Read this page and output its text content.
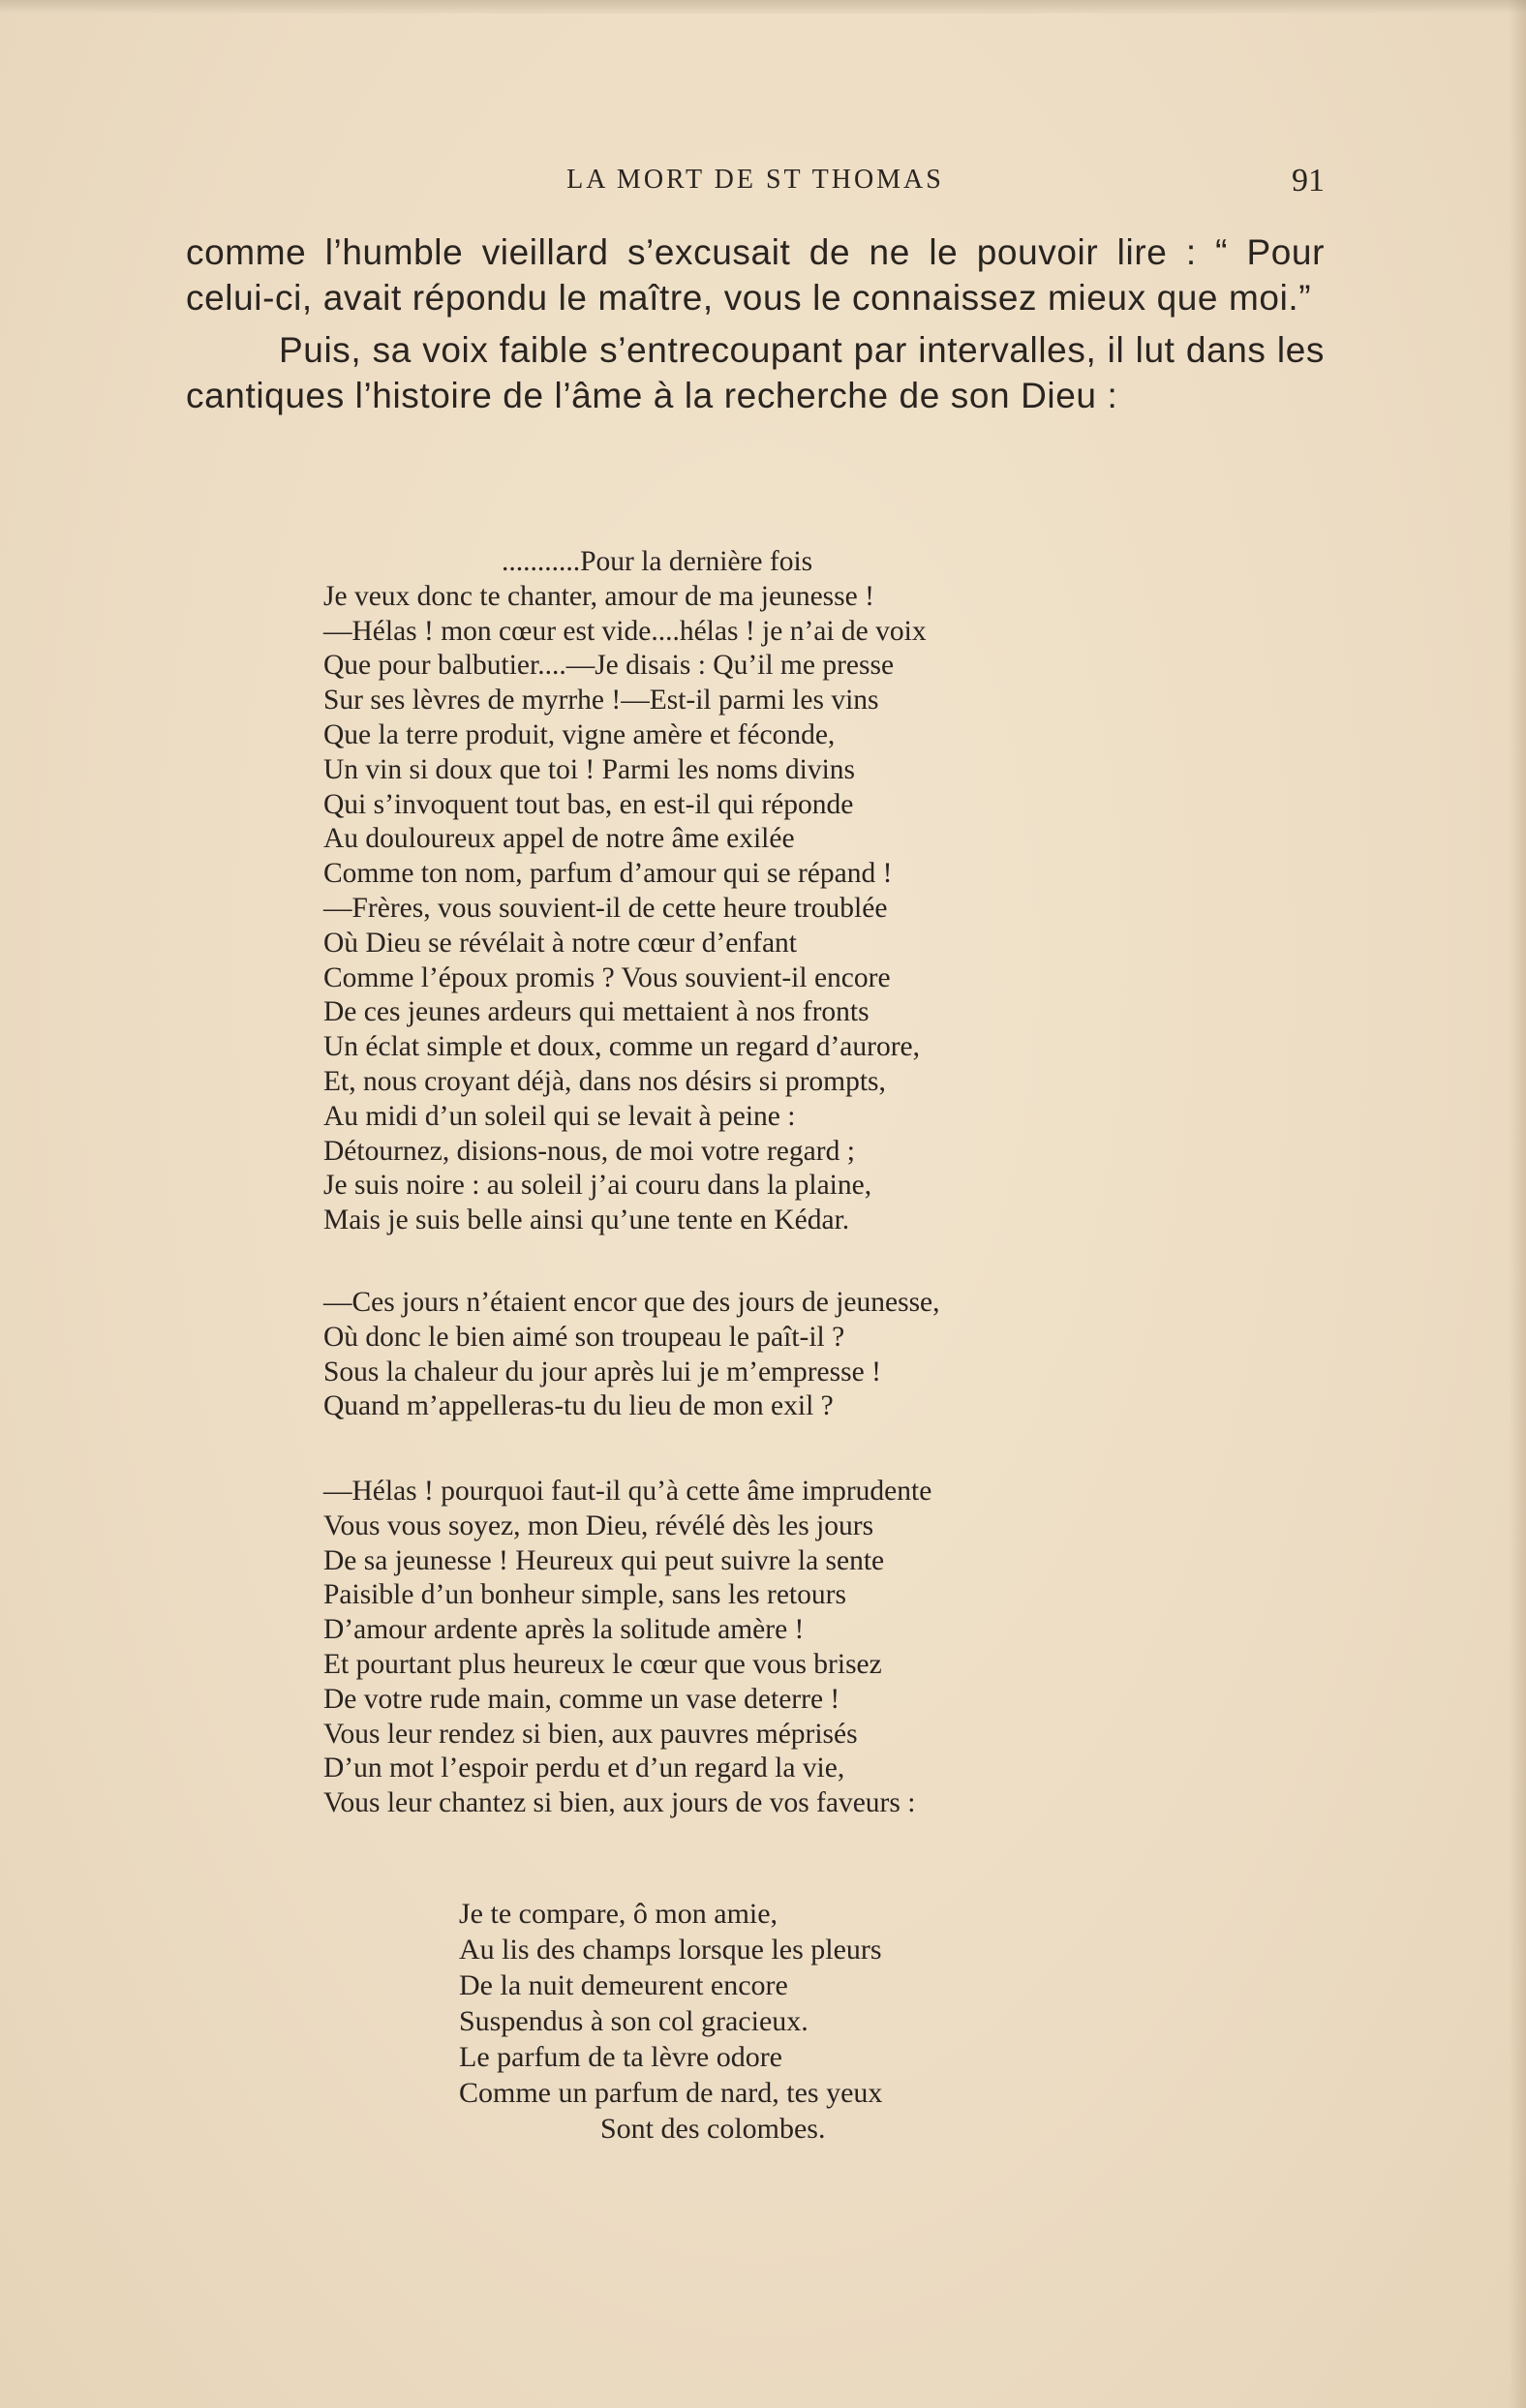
LA MORT DE ST THOMAS	91

comme l’humble vieillard s’excusait de ne le pouvoir lire : “ Pour celui-ci, avait répondu le maître, vous le connaissez mieux que moi.”

Puis, sa voix faible s’entrecoupant par intervalles, il lut dans les cantiques l’histoire de l’âme à la recherche de son Dieu :

...........Pour la dernière fois
Je veux donc te chanter, amour de ma jeunesse !
—Hélas ! mon cœur est vide....hélas ! je n’ai de voix
Que pour balbutier....—Je disais : Qu’il me presse
Sur ses lèvres de myrrhe !—Est-il parmi les vins
Que la terre produit, vigne amère et féconde,
Un vin si doux que toi ! Parmi les noms divins
Qui s’invoquent tout bas, en est-il qui réponde
Au douloureux appel de notre âme exilée
Comme ton nom, parfum d’amour qui se répand !
—Frères, vous souvient-il de cette heure troublée
Où Dieu se révélait à notre cœur d’enfant
Comme l’époux promis ? Vous souvient-il encore
De ces jeunes ardeurs qui mettaient à nos fronts
Un éclat simple et doux, comme un regard d’aurore,
Et, nous croyant déjà, dans nos désirs si prompts,
Au midi d’un soleil qui se levait à peine :
Détournez, disions-nous, de moi votre regard ;
Je suis noire : au soleil j’ai couru dans la plaine,
Mais je suis belle ainsi qu’une tente en Kédar.
—Ces jours n’étaient encor que des jours de jeunesse,
Où donc le bien aimé son troupeau le paît-il ?
Sous la chaleur du jour après lui je m’empresse !
Quand m’appelleras-tu du lieu de mon exil ?
—Hélas ! pourquoi faut-il qu’à cette âme imprudente
Vous vous soyez, mon Dieu, révélé dès les jours
De sa jeunesse ! Heureux qui peut suivre la sente
Paisible d’un bonheur simple, sans les retours
D’amour ardente après la solitude amère !
Et pourtant plus heureux le cœur que vous brisez
De votre rude main, comme un vase deterre !
Vous leur rendez si bien, aux pauvres méprisés
D’un mot l’espoir perdu et d’un regard la vie,
Vous leur chantez si bien, aux jours de vos faveurs :
Je te compare, ô mon amie,
Au lis des champs lorsque les pleurs
De la nuit demeurent encore
Suspendus à son col gracieux.
Le parfum de ta lèvre odore
Comme un parfum de nard, tes yeux
Sont des colombes.
